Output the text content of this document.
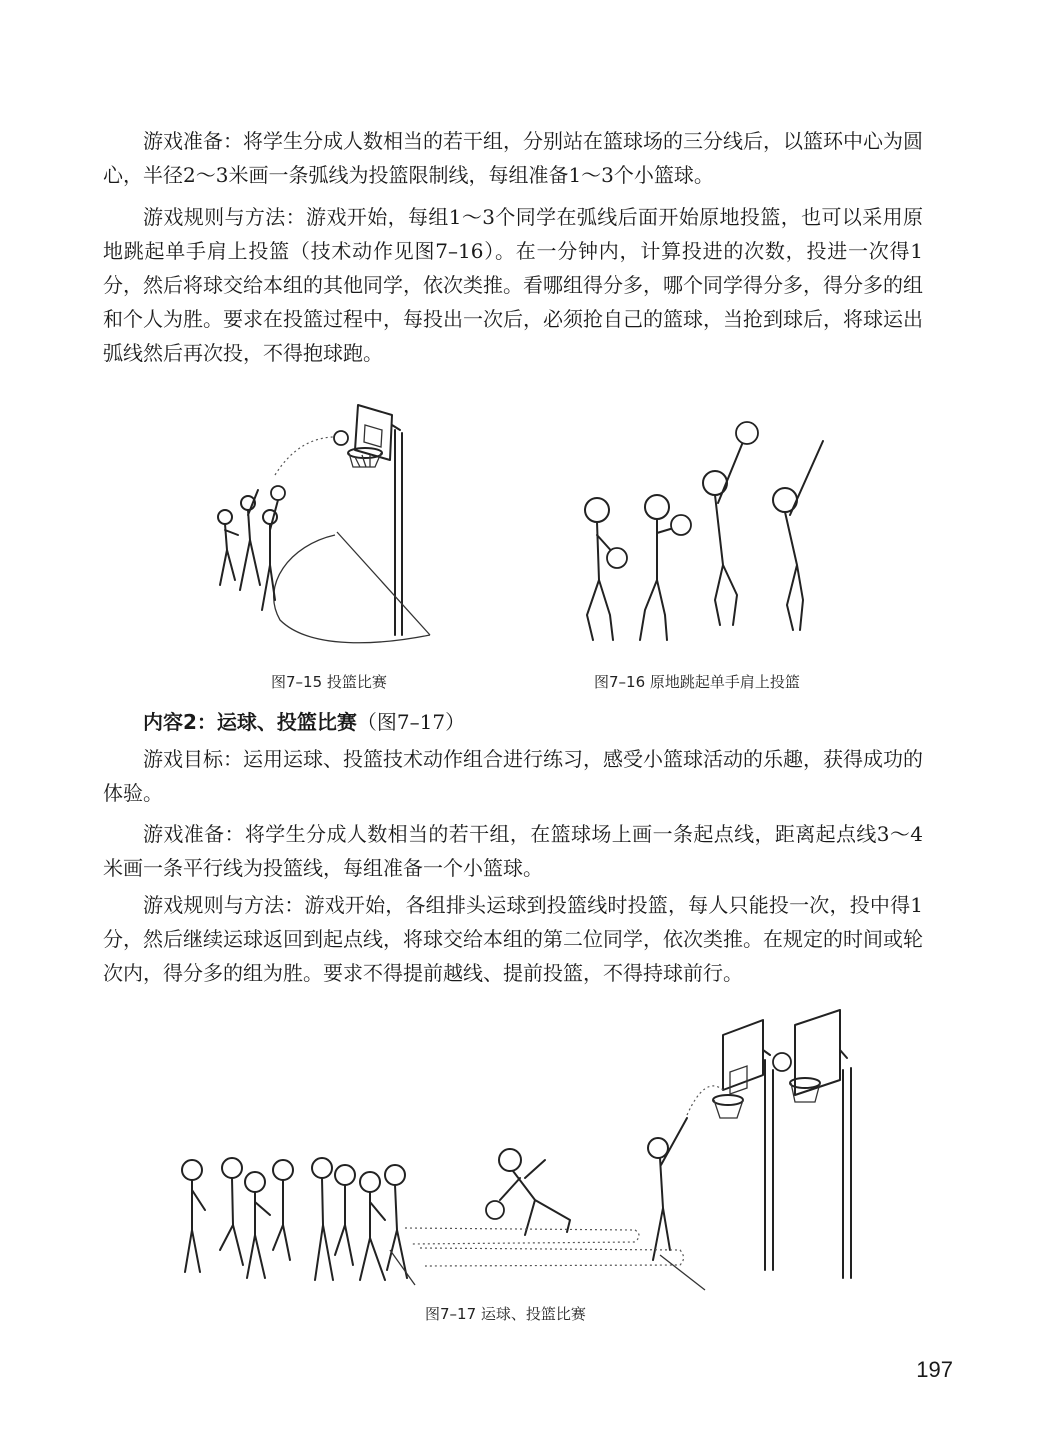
游戏准备：将学生分成人数相当的若干组，分别站在篮球场的三分线后，以篮环中心为圆心，半径2～3米画一条弧线为投篮限制线，每组准备1～3个小篮球。

游戏规则与方法：游戏开始，每组1～3个同学在弧线后面开始原地投篮，也可以采用原地跳起单手肩上投篮（技术动作见图7–16）。在一分钟内，计算投进的次数，投进一次得1分，然后将球交给本组的其他同学，依次类推。看哪组得分多，哪个同学得分多，得分多的组和个人为胜。要求在投篮过程中，每投出一次后，必须抢自己的篮球，当抢到球后，将球运出弧线然后再次投，不得抱球跑。

图7–15 投篮比赛	图7–16 原地跳起单手肩上投篮
内容2：运球、投篮比赛（图7–17）

游戏目标：运用运球、投篮技术动作组合进行练习，感受小篮球活动的乐趣，获得成功的体验。

游戏准备：将学生分成人数相当的若干组，在篮球场上画一条起点线，距离起点线3～4米画一条平行线为投篮线，每组准备一个小篮球。

游戏规则与方法：游戏开始，各组排头运球到投篮线时投篮，每人只能投一次，投中得1分，然后继续运球返回到起点线，将球交给本组的第二位同学，依次类推。在规定的时间或轮次内，得分多的组为胜。要求不得提前越线、提前投篮，不得持球前行。

图7–17 运球、投篮比赛
197
